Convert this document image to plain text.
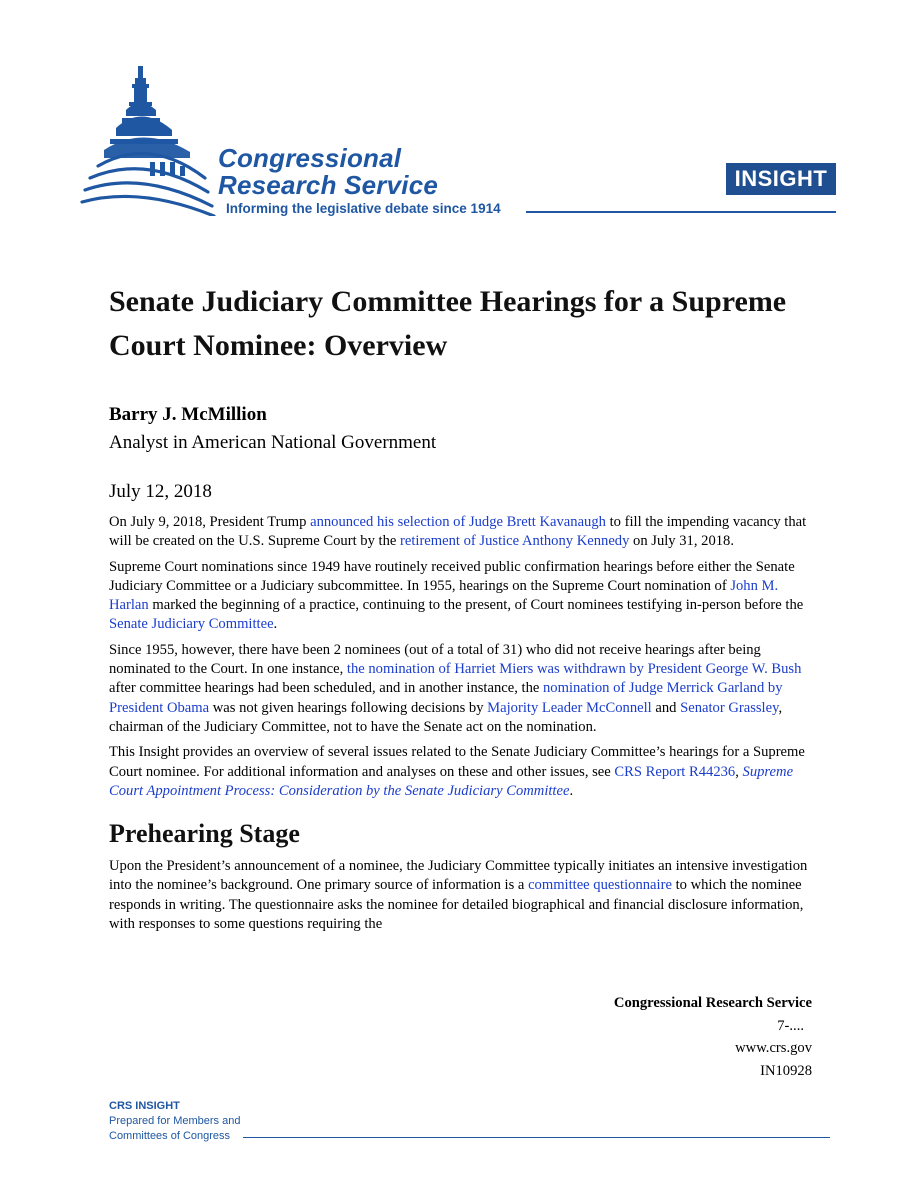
Congressional
Research Service
Informing the legislative debate since 1914
INSIGHT
Senate Judiciary Committee Hearings for a Supreme Court Nominee: Overview
Barry J. McMillion
Analyst in American National Government
July 12, 2018

On July 9, 2018, President Trump announced his selection of Judge Brett Kavanaugh to fill the impending vacancy that will be created on the U.S. Supreme Court by the retirement of Justice Anthony Kennedy on July 31, 2018.

Supreme Court nominations since 1949 have routinely received public confirmation hearings before either the Senate Judiciary Committee or a Judiciary subcommittee. In 1955, hearings on the Supreme Court nomination of John M. Harlan marked the beginning of a practice, continuing to the present, of Court nominees testifying in-person before the Senate Judiciary Committee.

Since 1955, however, there have been 2 nominees (out of a total of 31) who did not receive hearings after being nominated to the Court. In one instance, the nomination of Harriet Miers was withdrawn by President George W. Bush after committee hearings had been scheduled, and in another instance, the nomination of Judge Merrick Garland by President Obama was not given hearings following decisions by Majority Leader McConnell and Senator Grassley, chairman of the Judiciary Committee, not to have the Senate act on the nomination.

This Insight provides an overview of several issues related to the Senate Judiciary Committee’s hearings for a Supreme Court nominee. For additional information and analyses on these and other issues, see CRS Report R44236, Supreme Court Appointment Process: Consideration by the Senate Judiciary Committee.

Prehearing Stage

Upon the President’s announcement of a nominee, the Judiciary Committee typically initiates an intensive investigation into the nominee’s background. One primary source of information is a committee questionnaire to which the nominee responds in writing. The questionnaire asks the nominee for detailed biographical and financial disclosure information, with responses to some questions requiring the

Congressional Research Service
7-....
www.crs.gov
IN10928
CRS INSIGHT
Prepared for Members and
Committees of Congress
